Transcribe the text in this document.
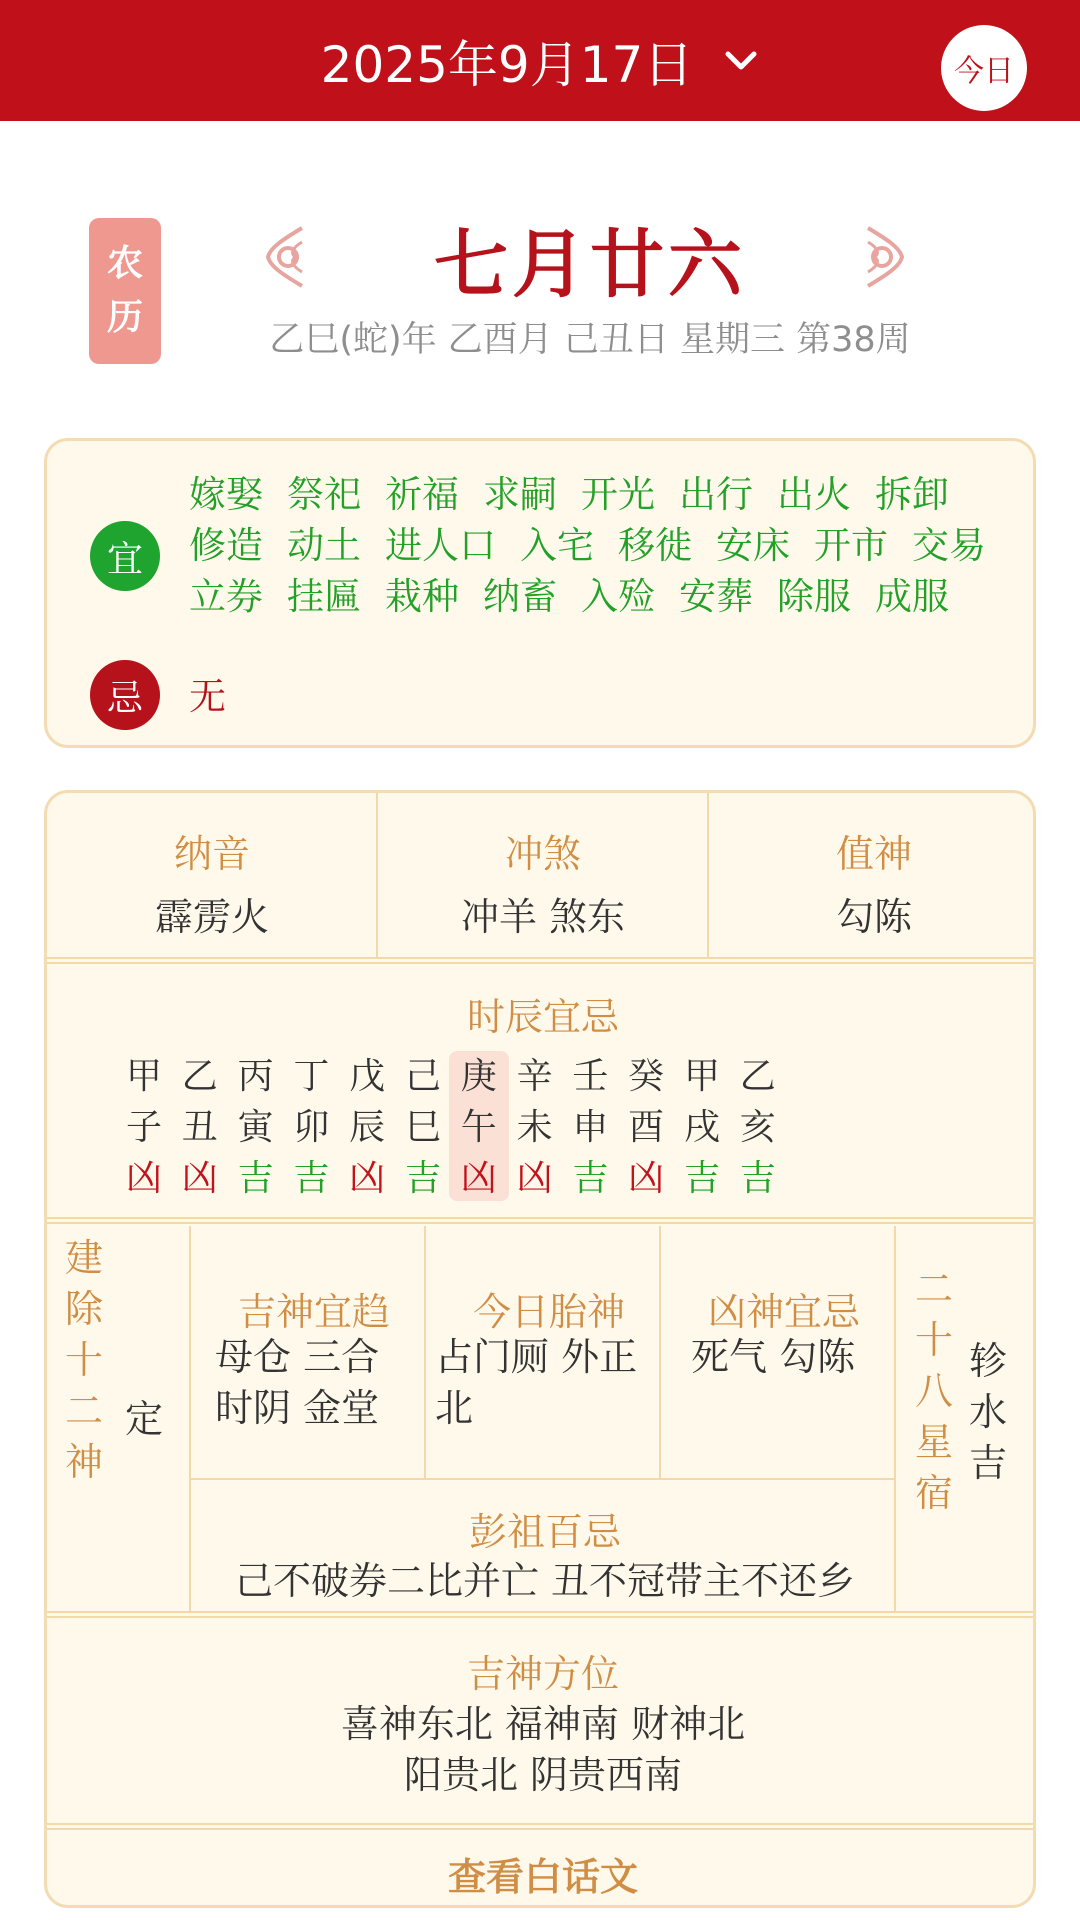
2025年9月17日	今日
农
历
七月廿六
乙巳(蛇)年 乙酉月 己丑日 星期三 第38周
宜
嫁娶 祭祀 祈福 求嗣 开光 出行 出火 拆卸
修造 动土 进人口 入宅 移徙 安床 开市 交易
立券 挂匾 栽种 纳畜 入殓 安葬 除服 成服
忌	无
纳音
霹雳火
冲煞
冲羊 煞东
值神
勾陈
时辰宜忌
甲
子
凶
乙
丑
凶
丙
寅
吉
丁
卯
吉
戊
辰
凶
己
巳
吉
庚
午
凶
辛
未
凶
壬
申
吉
癸
酉
凶
甲
戌
吉
乙
亥
吉
建除十二神
定
吉神宜趋
母仓 三合
时阴 金堂
今日胎神
占门厕 外正
北
凶神宜忌
死气 勾陈
彭祖百忌
己不破券二比并亡 丑不冠带主不还乡
二十八星宿
轸水吉
吉神方位
喜神东北 福神南 财神北
阳贵北 阴贵西南
查看白话文
